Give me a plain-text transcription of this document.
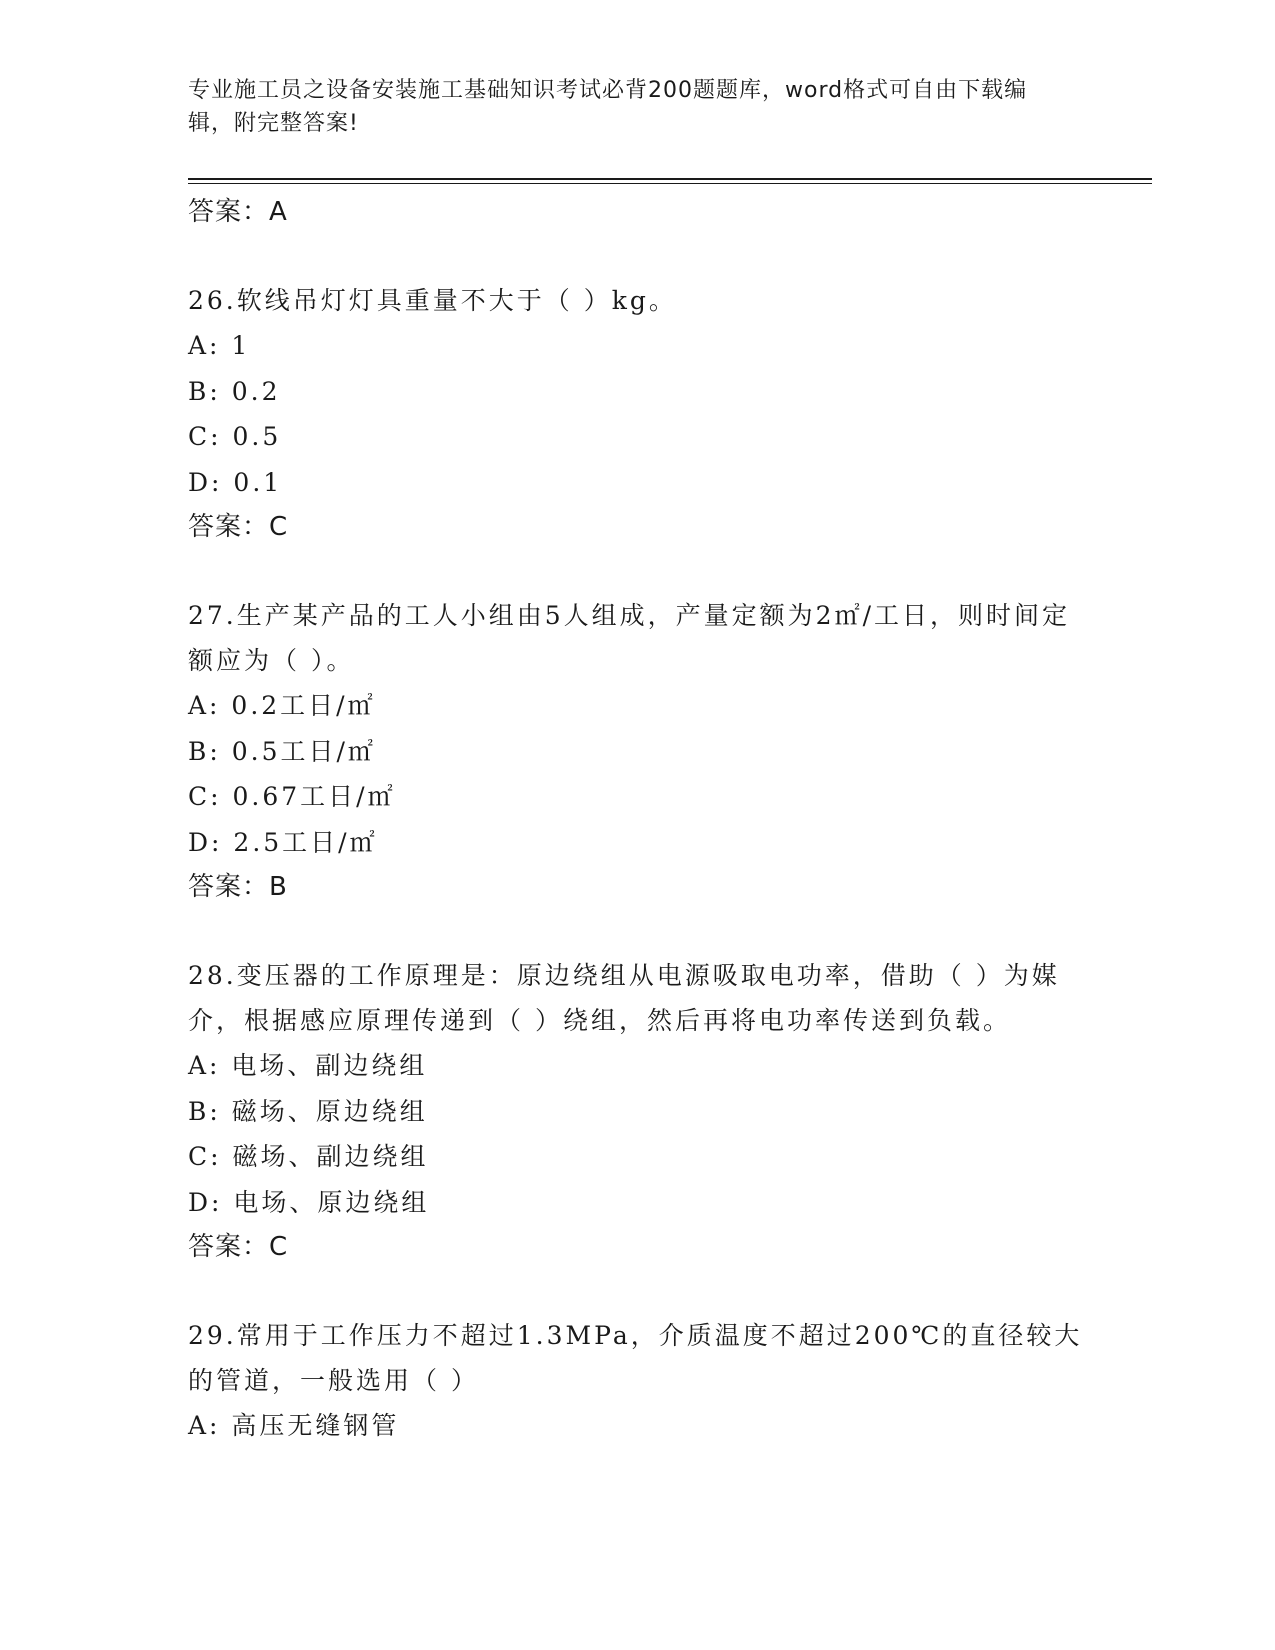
专业施工员之设备安装施工基础知识考试必背200题题库，word格式可自由下载编辑，附完整答案!

答案：A

26.软线吊灯灯具重量不大于（ ）kg。

A: 1

B: 0.2

C: 0.5

D: 0.1

答案：C

27.生产某产品的工人小组由5人组成，产量定额为2㎡/工日，则时间定额应为（ ）。

A: 0.2工日/㎡

B: 0.5工日/㎡

C: 0.67工日/㎡

D: 2.5工日/㎡

答案：B

28.变压器的工作原理是：原边绕组从电源吸取电功率，借助（ ）为媒介，根据感应原理传递到（ ）绕组，然后再将电功率传送到负载。

A: 电场、副边绕组

B: 磁场、原边绕组

C: 磁场、副边绕组

D: 电场、原边绕组

答案：C

29.常用于工作压力不超过1.3MPa，介质温度不超过200℃的直径较大的管道，一般选用（ ）

A: 高压无缝钢管
